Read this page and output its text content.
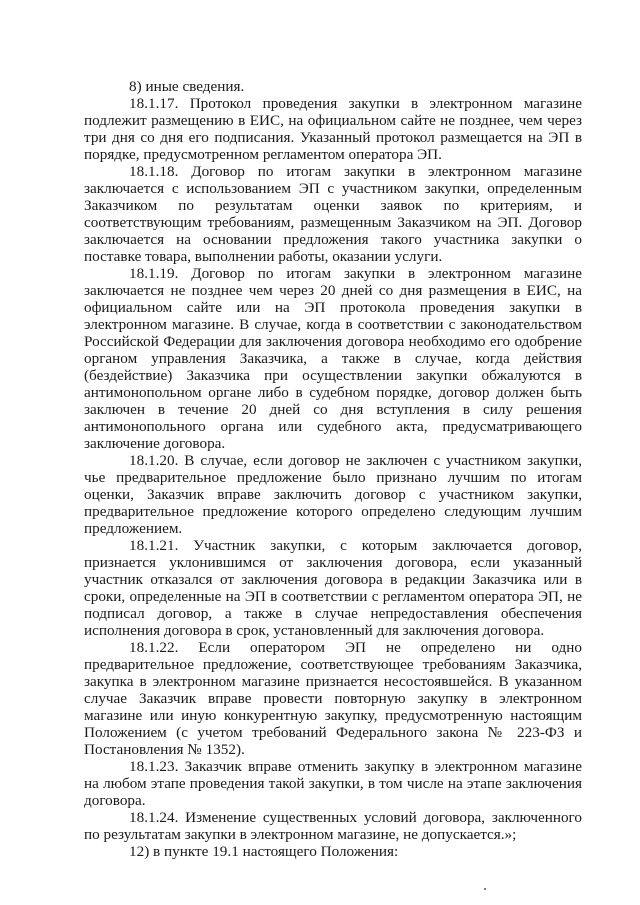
8) иные сведения.

18.1.17. Протокол проведения закупки в электронном магазине подлежит размещению в ЕИС, на официальном сайте не позднее, чем через три дня со дня его подписания. Указанный протокол размещается на ЭП в порядке, предусмотренном регламентом оператора ЭП.

18.1.18. Договор по итогам закупки в электронном магазине заключается с использованием ЭП с участником закупки, определенным Заказчиком по результатам оценки заявок по критериям, и соответствующим требованиям, размещенным Заказчиком на ЭП. Договор заключается на основании предложения такого участника закупки о поставке товара, выполнении работы, оказании услуги.

18.1.19. Договор по итогам закупки в электронном магазине заключается не позднее чем через 20 дней со дня размещения в ЕИС, на официальном сайте или на ЭП протокола проведения закупки в электронном магазине. В случае, когда в соответствии с законодательством Российской Федерации для заключения договора необходимо его одобрение органом управления Заказчика, а также в случае, когда действия (бездействие) Заказчика при осуществлении закупки обжалуются в антимонопольном органе либо в судебном порядке, договор должен быть заключен в течение 20 дней со дня вступления в силу решения антимонопольного органа или судебного акта, предусматривающего заключение договора.

18.1.20. В случае, если договор не заключен с участником закупки, чье предварительное предложение было признано лучшим по итогам оценки, Заказчик вправе заключить договор с участником закупки, предварительное предложение которого определено следующим лучшим предложением.

18.1.21. Участник закупки, с которым заключается договор, признается уклонившимся от заключения договора, если указанный участник отказался от заключения договора в редакции Заказчика или в сроки, определенные на ЭП в соответствии с регламентом оператора ЭП, не подписал договор, а также в случае непредоставления обеспечения исполнения договора в срок, установленный для заключения договора.

18.1.22. Если оператором ЭП не определено ни одно предварительное предложение, соответствующее требованиям Заказчика, закупка в электронном магазине признается несостоявшейся. В указанном случае Заказчик вправе провести повторную закупку в электронном магазине или иную конкурентную закупку, предусмотренную настоящим Положением (с учетом требований Федерального закона № 223-ФЗ и Постановления № 1352).

18.1.23. Заказчик вправе отменить закупку в электронном магазине на любом этапе проведения такой закупки, в том числе на этапе заключения договора.

18.1.24. Изменение существенных условий договора, заключенного по результатам закупки в электронном магазине, не допускается.»;

12) в пункте 19.1 настоящего Положения:
